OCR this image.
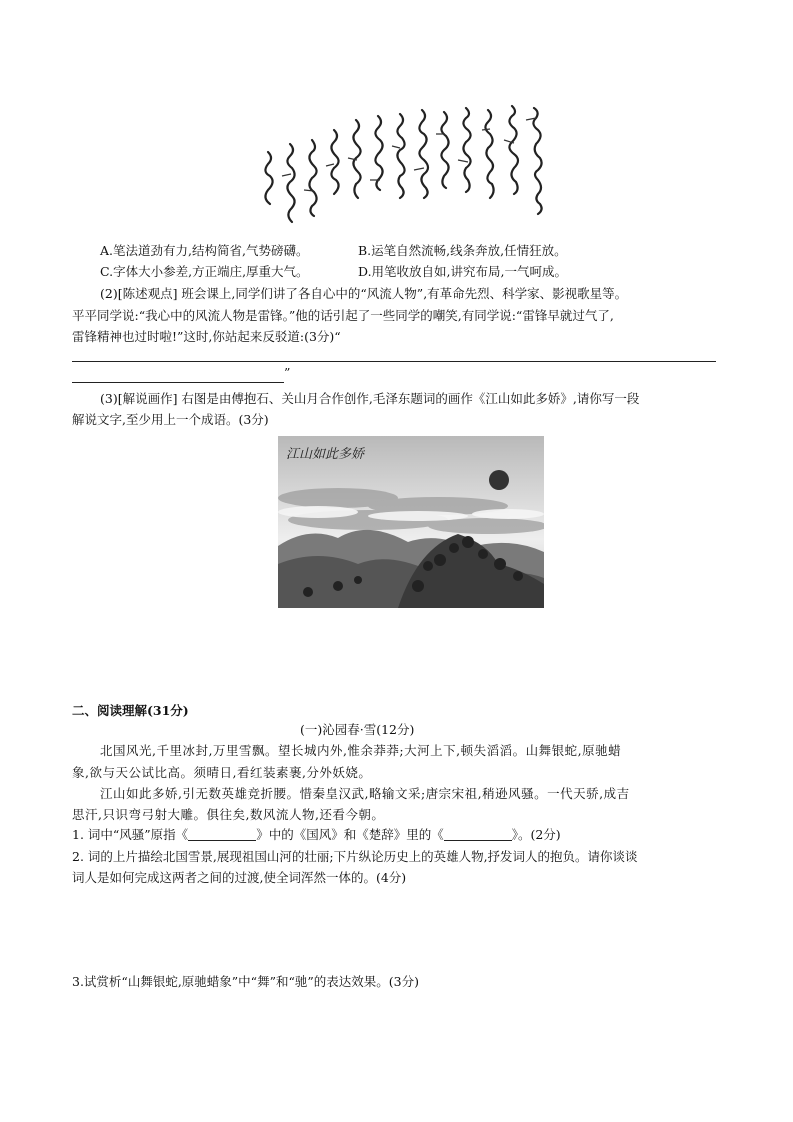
A.笔法道劲有力,结构简省,气势磅礴。	B.运笔自然流畅,线条奔放,任情狂放。
C.字体大小参差,方正端庄,厚重大气。	D.用笔收放自如,讲究布局,一气呵成。
(2)[陈述观点] 班会课上,同学们讲了各自心中的“风流人物”,有革命先烈、科学家、影视歌星等。
平平同学说:“我心中的风流人物是雷锋。”他的话引起了一些同学的嘲笑,有同学说:“雷锋早就过气了,
雷锋精神也过时啦!”这时,你站起来反驳道:(3分)“
”
(3)[解说画作] 右图是由傅抱石、关山月合作创作,毛泽东题词的画作《江山如此多娇》,请你写一段
解说文字,至少用上一个成语。(3分)
江山如此多娇
二、阅读理解(31分)
(一)沁园春·雪(12分)
北国风光,千里冰封,万里雪飘。望长城内外,惟余莽莽;大河上下,顿失滔滔。山舞银蛇,原驰蜡
象,欲与天公试比高。须晴日,看红装素裹,分外妖娆。
江山如此多娇,引无数英雄竞折腰。惜秦皇汉武,略输文采;唐宗宋祖,稍逊风骚。一代天骄,成吉
思汗,只识弯弓射大雕。俱往矣,数风流人物,还看今朝。
1. 词中“风骚”原指《	》中的《国风》和《楚辞》里的《	》。(2分)
2. 词的上片描绘北国雪景,展现祖国山河的壮丽;下片纵论历史上的英雄人物,抒发词人的抱负。请你谈谈
词人是如何完成这两者之间的过渡,使全词浑然一体的。(4分)
3.试赏析“山舞银蛇,原驰蜡象”中“舞”和“驰”的表达效果。(3分)
